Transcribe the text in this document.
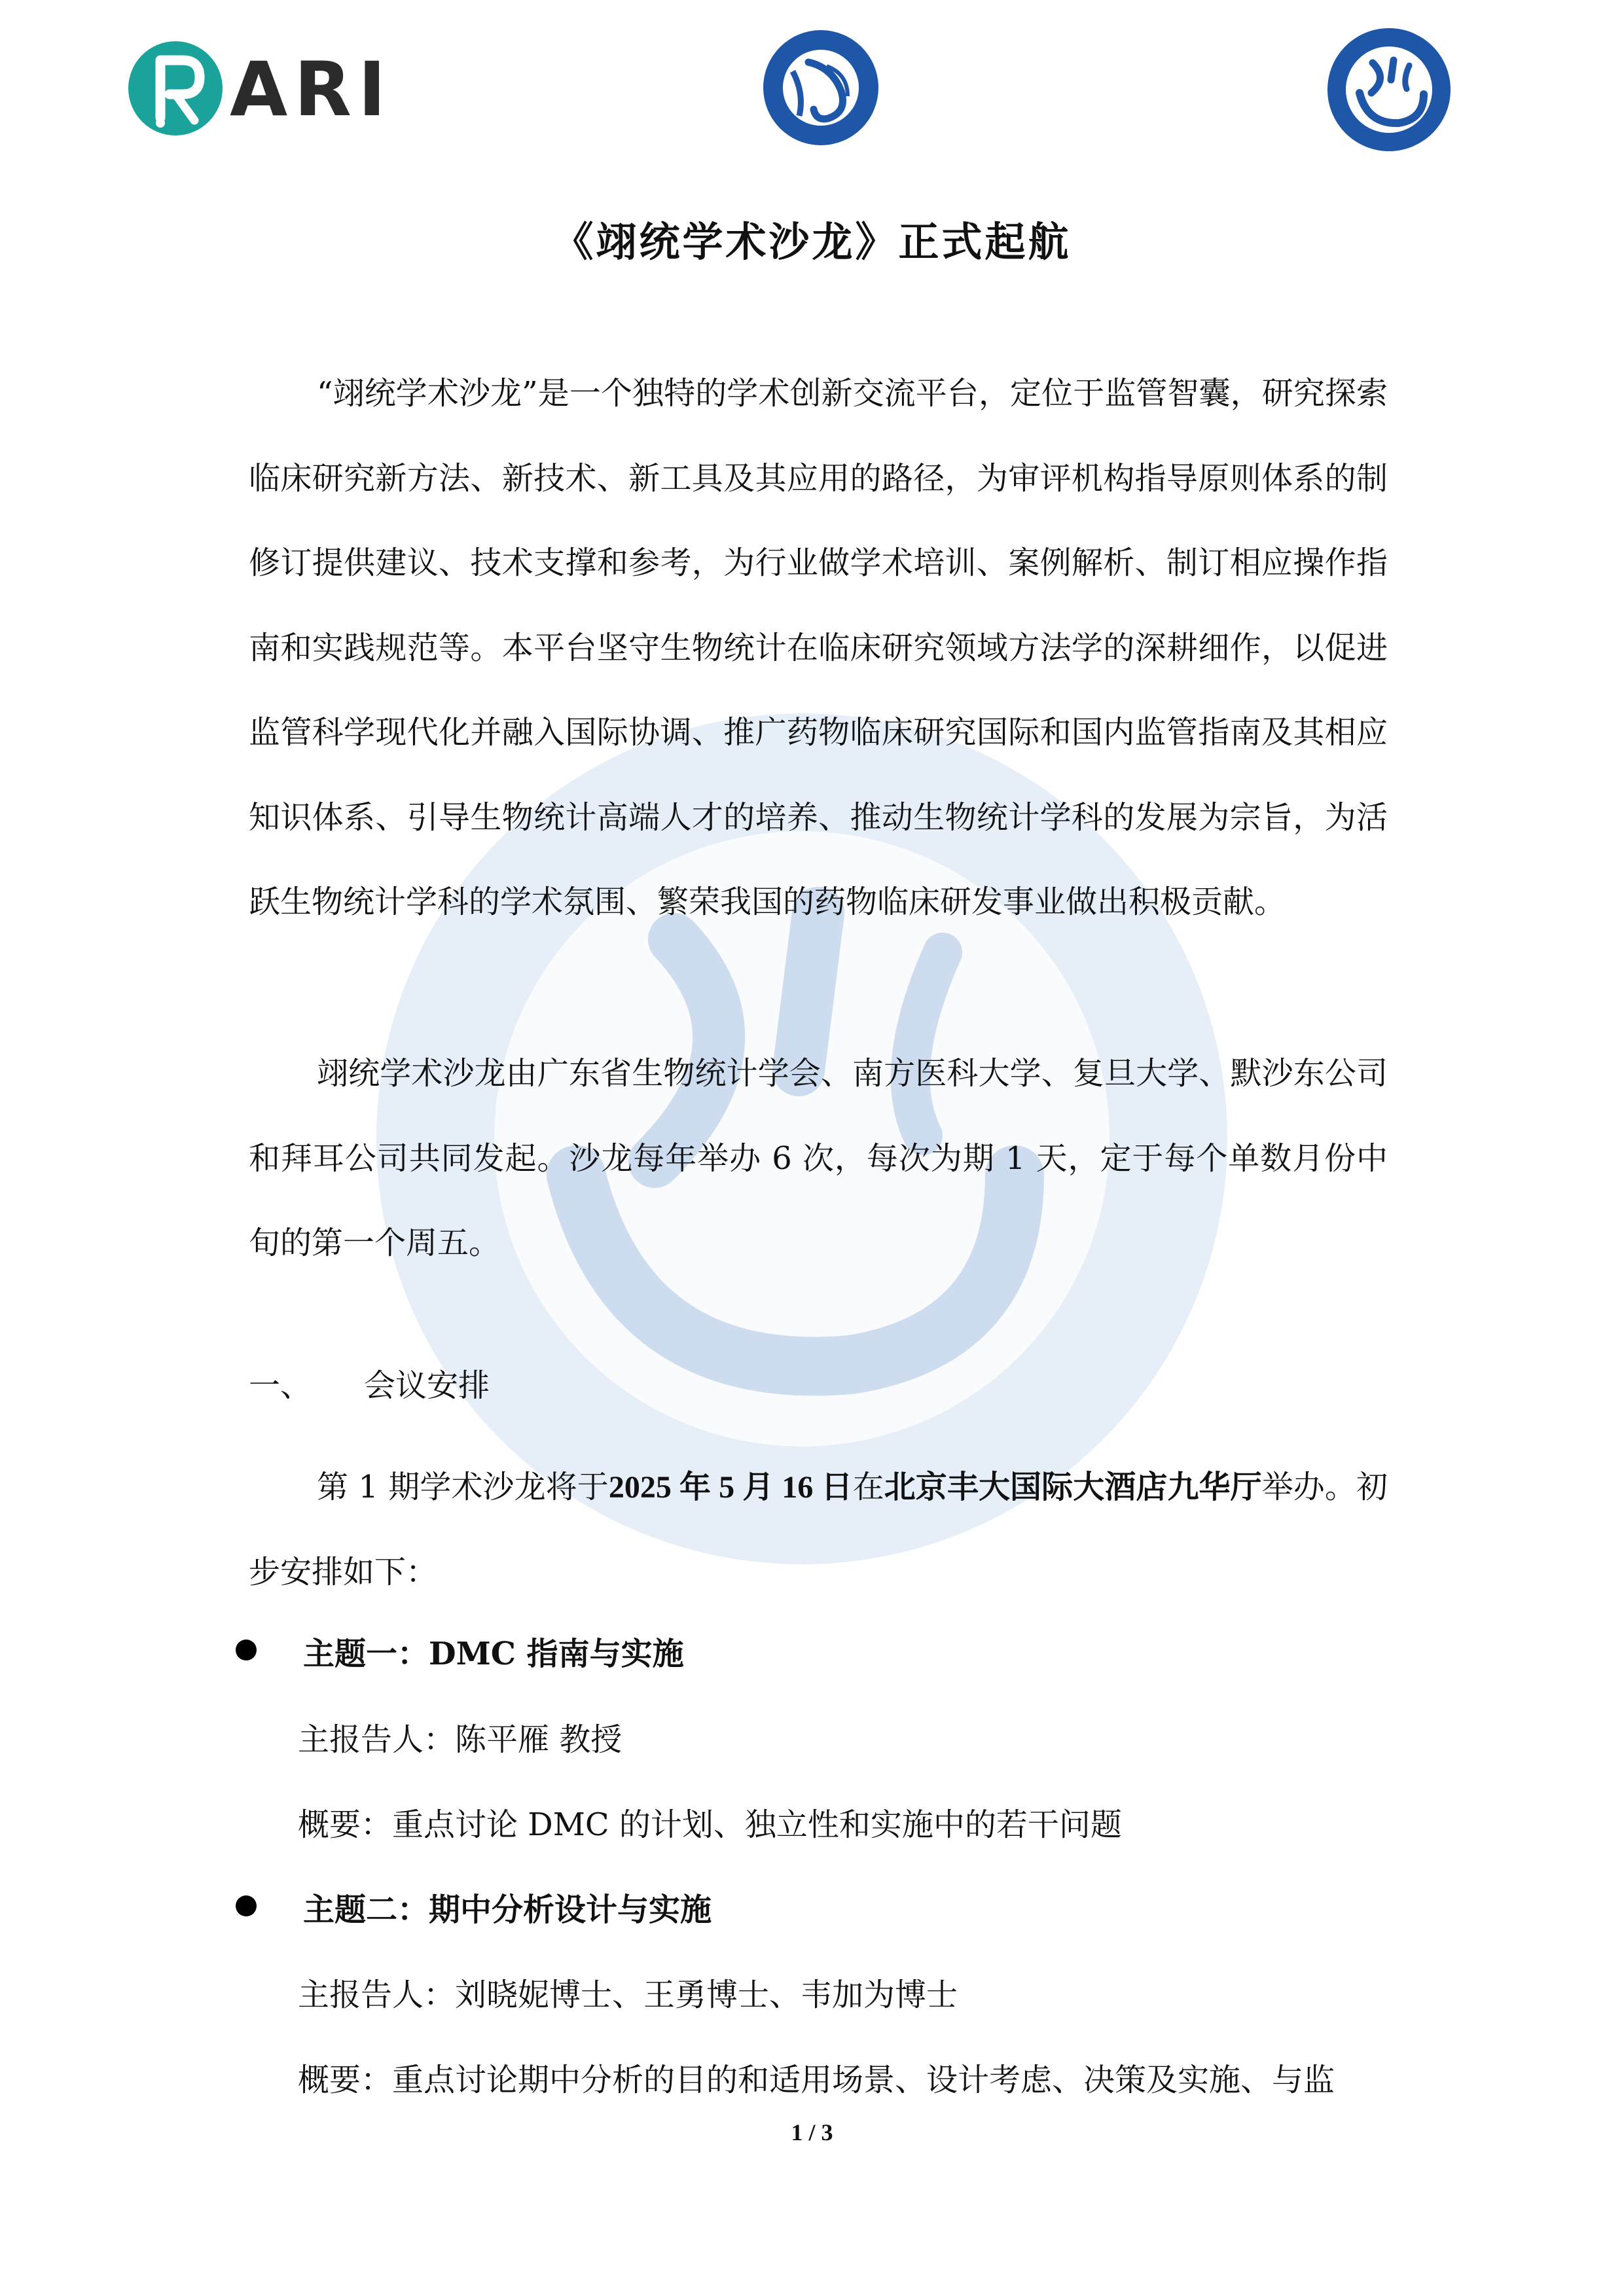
ARI
《翊统学术沙龙》正式起航

“翊统学术沙龙”是一个独特的学术创新交流平台，定位于监管智囊，研究探索临床研究新方法、新技术、新工具及其应用的路径，为审评机构指导原则体系的制修订提供建议、技术支撑和参考，为行业做学术培训、案例解析、制订相应操作指南和实践规范等。本平台坚守生物统计在临床研究领域方法学的深耕细作，以促进监管科学现代化并融入国际协调、推广药物临床研究国际和国内监管指南及其相应知识体系、引导生物统计高端人才的培养、推动生物统计学科的发展为宗旨，为活跃生物统计学科的学术氛围、繁荣我国的药物临床研发事业做出积极贡献。

翊统学术沙龙由广东省生物统计学会、南方医科大学、复旦大学、默沙东公司和拜耳公司共同发起。沙龙每年举办 6 次，每次为期 1 天，定于每个单数月份中旬的第一个周五。

一、 会议安排

第 1 期学术沙龙将于2025 年 5 月 16 日在北京丰大国际大酒店九华厅举办。初步安排如下：

主题一：DMC 指南与实施
主报告人：陈平雁 教授
概要：重点讨论 DMC 的计划、独立性和实施中的若干问题
主题二：期中分析设计与实施
主报告人：刘晓妮博士、王勇博士、韦加为博士
概要：重点讨论期中分析的目的和适用场景、设计考虑、决策及实施、与监
1 / 3
